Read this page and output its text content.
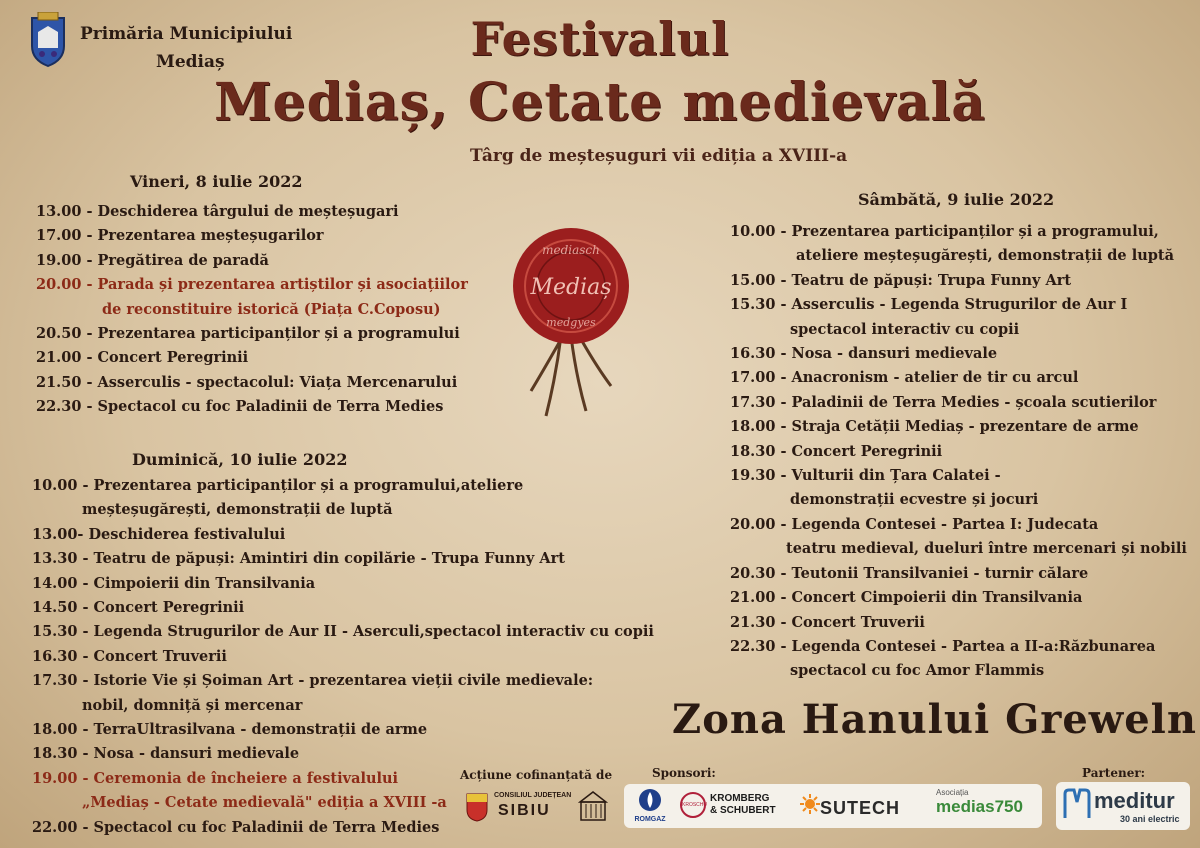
Primăria Municipiului
Mediaș	Festivalul
Mediaș, Cetate medievală
Târg de meșteșuguri vii ediția a XVIII-a
mediasch
Mediaș
medgyes
Vineri, 8 iulie 2022
13.00 - Deschiderea târgului de meșteșugari
17.00 - Prezentarea meșteșugarilor
19.00 - Pregătirea de paradă
20.00 - Parada și prezentarea artiștilor și asociațiilor
de reconstituire istorică (Piața C.Coposu)
20.50 - Prezentarea participanților și a programului
21.00 - Concert Peregrinii
21.50 - Asserculis - spectacolul: Viața Mercenarului
22.30 - Spectacol cu foc Paladinii de Terra Medies
Duminică, 10 iulie 2022
10.00 - Prezentarea participanților și a programului,ateliere
meșteșugărești, demonstrații de luptă
13.00- Deschiderea festivalului
13.30 - Teatru de păpuși: Amintiri din copilărie - Trupa Funny Art
14.00 - Cimpoierii din Transilvania
14.50 - Concert Peregrinii
15.30 - Legenda Strugurilor de Aur II - Aserculi,spectacol interactiv cu copii
16.30 - Concert Truverii
17.30 - Istorie Vie și Șoiman Art - prezentarea vieții civile medievale:
nobil, domniță și mercenar
18.00 - TerraUltrasilvana - demonstrații de arme
18.30 - Nosa - dansuri medievale
19.00 - Ceremonia de încheiere a festivalului
„Mediaș - Cetate medievală" ediția a XVIII -a
22.00 - Spectacol cu foc Paladinii de Terra Medies
Sâmbătă, 9 iulie 2022
10.00 - Prezentarea participanților și a programului,
ateliere meșteșugărești, demonstrații de luptă
15.00 - Teatru de păpuși: Trupa Funny Art
15.30 - Asserculis - Legenda Strugurilor de Aur I
spectacol interactiv cu copii
16.30 - Nosa - dansuri medievale
17.00 - Anacronism - atelier de tir cu arcul
17.30 - Paladinii de Terra Medies - școala scutierilor
18.00 - Straja Cetății Mediaș - prezentare de arme
18.30 - Concert Peregrinii
19.30 - Vulturii din Țara Calatei -
demonstrații ecvestre și jocuri
20.00 - Legenda Contesei - Partea I: Judecata
teatru medieval, dueluri între mercenari și nobili
20.30 - Teutonii Transilvaniei - turnir călare
21.00 - Concert Cimpoierii din Transilvania
21.30 - Concert Truverii
22.30 - Legenda Contesei - Partea a II-a:Răzbunarea
spectacol cu foc Amor Flammis
Zona Hanului Greweln
Acțiune cofinanțată de	Sponsori:	Partener:
CONSILIUL JUDEȚEAN
SIBIU
ROMGAZ
KROSCHU
KROMBERG
& SCHUBERT SUTECH
Asociația
medias750	meditur
30 ani electric
